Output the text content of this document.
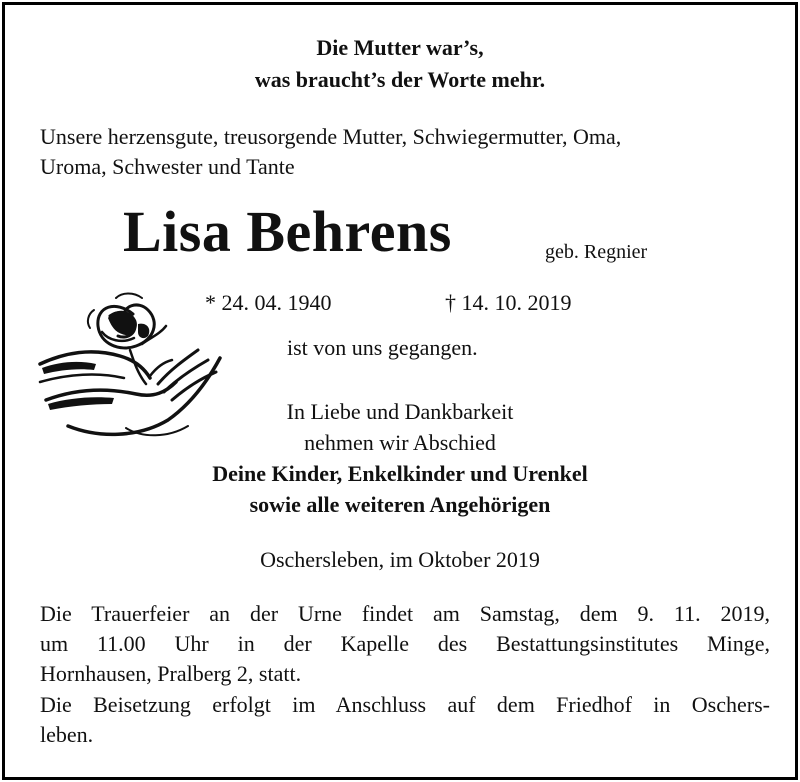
Die Mutter war’s,
was braucht’s der Worte mehr.
Unsere herzensgute, treusorgende Mutter, Schwiegermutter, Oma,
Uroma, Schwester und Tante
Lisa Behrens	geb. Regnier
* 24. 04. 1940	† 14. 10. 2019
ist von uns gegangen.
In Liebe und Dankbarkeit
nehmen wir Abschied
Deine Kinder, Enkelkinder und Urenkel
sowie alle weiteren Angehörigen
Oschersleben, im Oktober 2019
Die Trauerfeier an der Urne findet am Samstag, dem 9. 11. 2019,
um 11.00 Uhr in der Kapelle des Bestattungsinstitutes Minge,
Hornhausen, Pralberg 2, statt.
Die Beisetzung erfolgt im Anschluss auf dem Friedhof in Oschers-
leben.
